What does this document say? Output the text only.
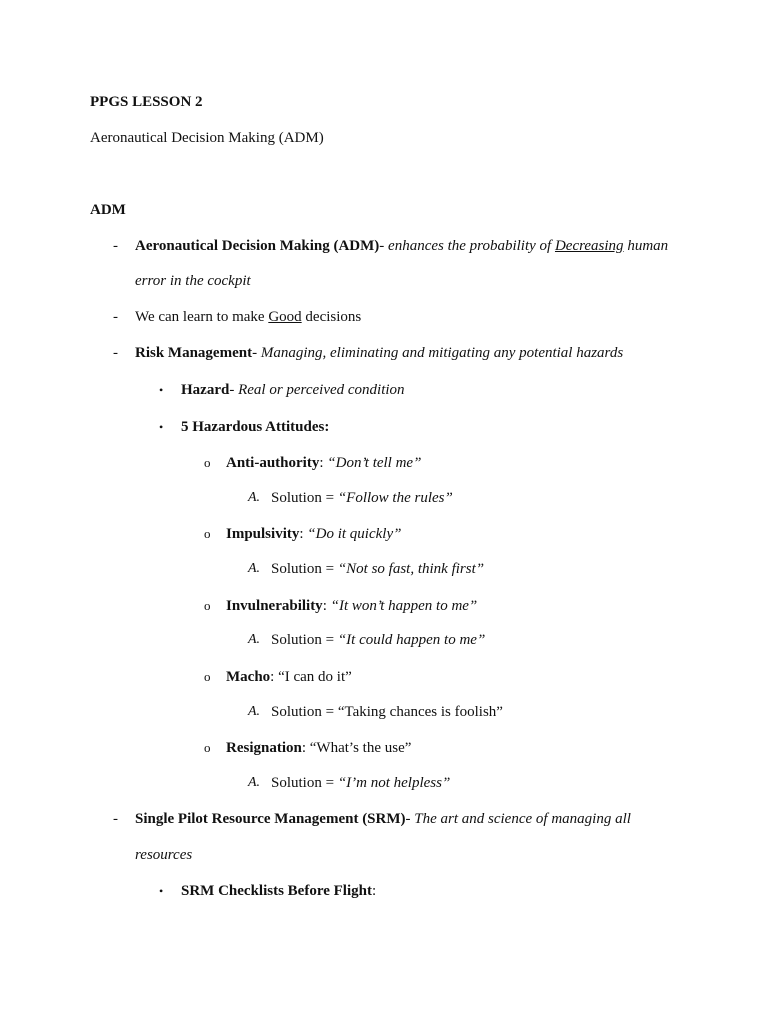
PPGS LESSON 2
Aeronautical Decision Making (ADM)
ADM
- Aeronautical Decision Making (ADM)- enhances the probability of Decreasing human
error in the cockpit
- We can learn to make Good decisions
- Risk Management- Managing, eliminating and mitigating any potential hazards
• Hazard- Real or perceived condition
• 5 Hazardous Attitudes:
o Anti-authority: “Don’t tell me”
A. Solution = “Follow the rules”
o Impulsivity: “Do it quickly”
A. Solution = “Not so fast, think first”
o Invulnerability: “It won’t happen to me”
A. Solution = “It could happen to me”
o Macho: “I can do it”
A. Solution = “Taking chances is foolish”
o Resignation: “What’s the use”
A. Solution = “I’m not helpless”
- Single Pilot Resource Management (SRM)- The art and science of managing all
resources
• SRM Checklists Before Flight:
